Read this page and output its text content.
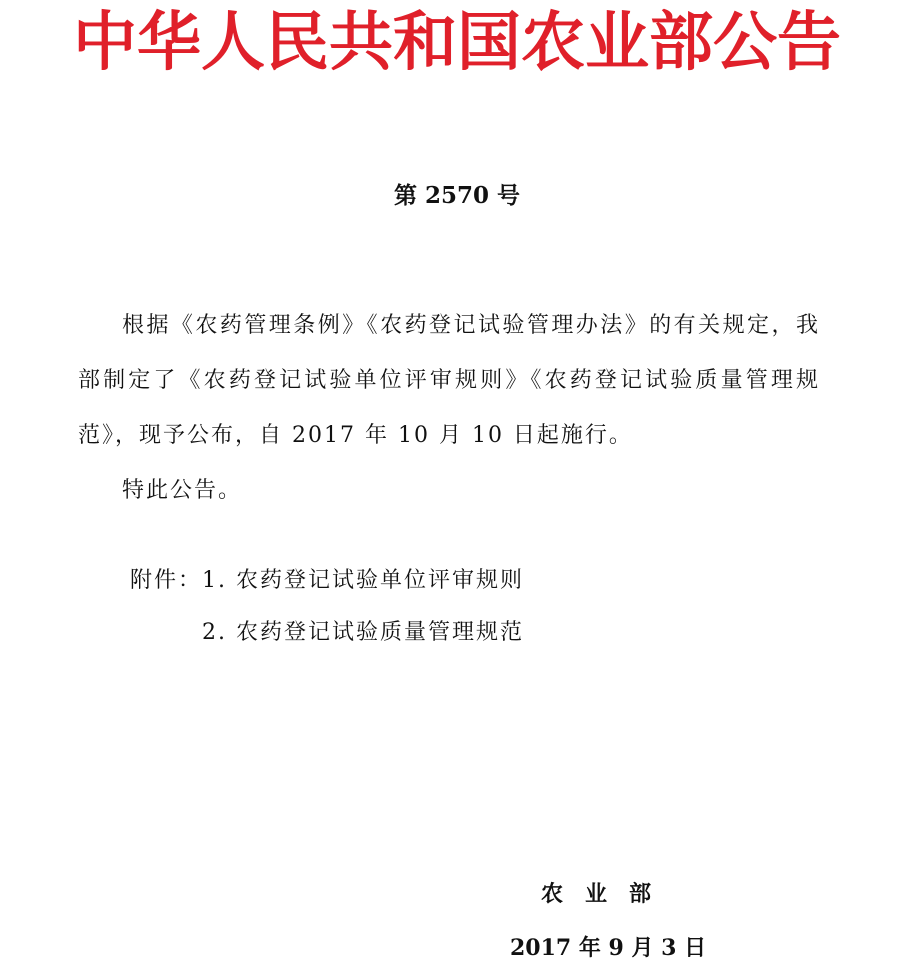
中华人民共和国农业部公告
第 2570 号

根据《农药管理条例》《农药登记试验管理办法》的有关规定，我部制定了《农药登记试验单位评审规则》《农药登记试验质量管理规范》，现予公布，自 2017 年 10 月 10 日起施行。

特此公告。

附件：1. 农药登记试验单位评审规则
2. 农药登记试验质量管理规范
农业部
2017 年 9 月 3 日
